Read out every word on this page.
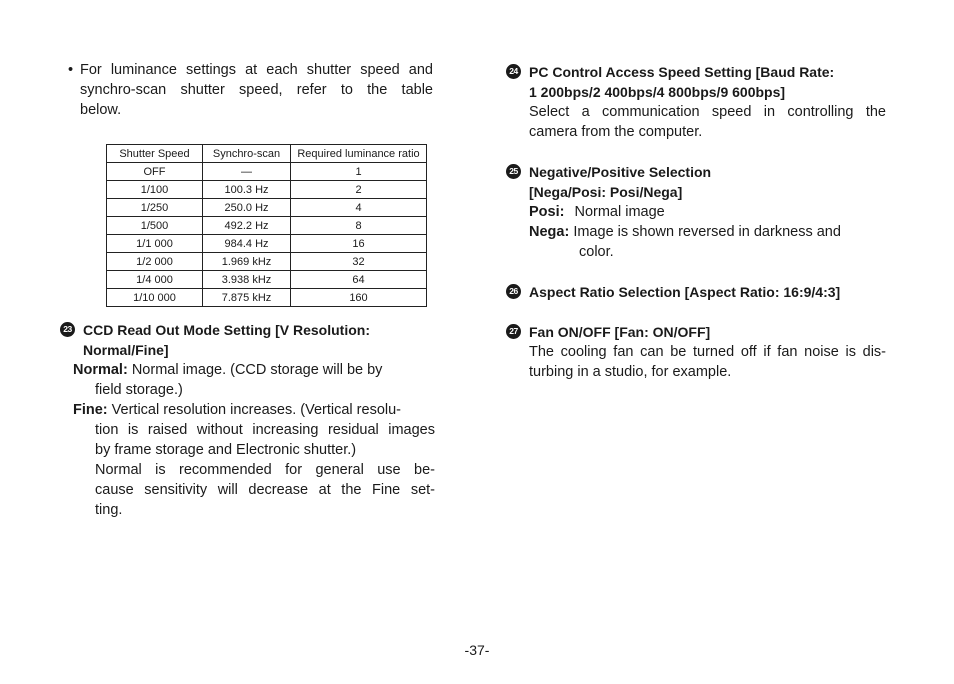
• For luminance settings at each shutter speed and
synchro-scan shutter speed, refer to the table
below.
Shutter Speed	Synchro-scan	Required luminance ratio
OFF	—	1
1/100	100.3 Hz	2
1/250	250.0 Hz	4
1/500	492.2 Hz	8
1/1 000	984.4 Hz	16
1/2 000	1.969 kHz	32
1/4 000	3.938 kHz	64
1/10 000	7.875 kHz	160
23 CCD Read Out Mode Setting [V Resolution:
Normal/Fine]
Normal: Normal image. (CCD storage will be by
field storage.)
Fine: Vertical resolution increases. (Vertical resolu-
tion is raised without increasing residual images
by frame storage and Electronic shutter.)
Normal is recommended for general use be-
cause sensitivity will decrease at the Fine set-
ting.
24 PC Control Access Speed Setting [Baud Rate:
1 200bps/2 400bps/4 800bps/9 600bps]
Select a communication speed in controlling the
camera from the computer.
25 Negative/Positive Selection
[Nega/Posi: Posi/Nega]
Posi: Normal image
Nega: Image is shown reversed in darkness and
color.
26 Aspect Ratio Selection [Aspect Ratio: 16:9/4:3]
27 Fan ON/OFF [Fan: ON/OFF]
The cooling fan can be turned off if fan noise is dis-
turbing in a studio, for example.
-37-
